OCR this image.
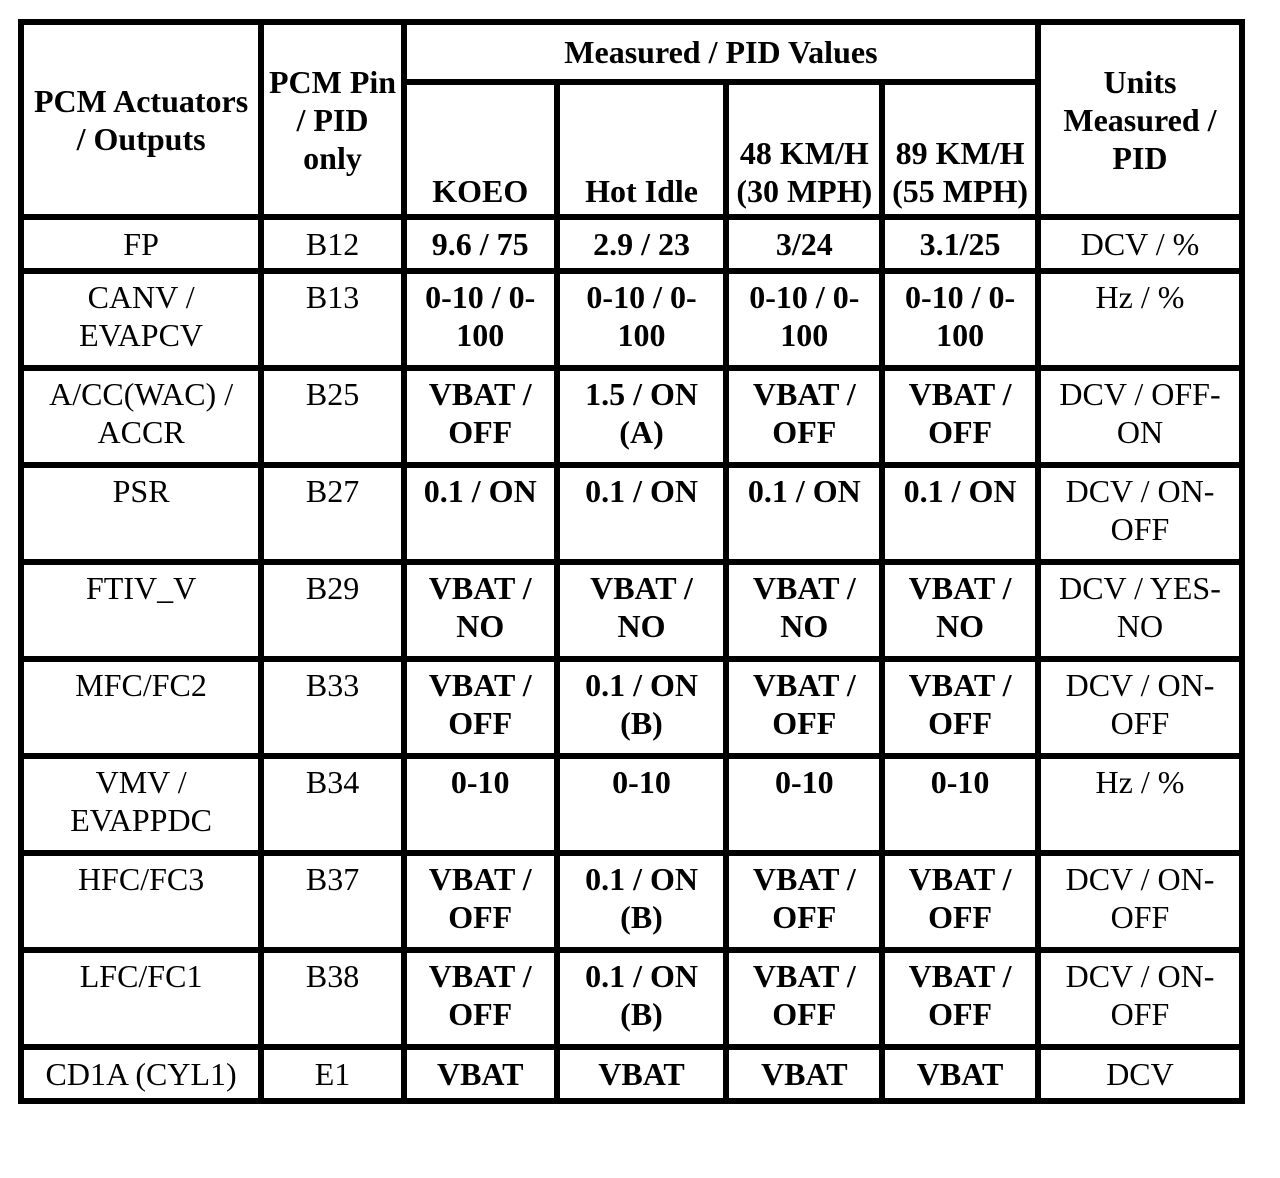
PCM Actuators / Outputs	PCM Pin / PID only	Measured / PID Values				Units Measured / PID
		KOEO	Hot Idle	48 KM/H (30 MPH)	89 KM/H (55 MPH)	
FP	B12	9.6 / 75	2.9 / 23	3/24	3.1/25	DCV / %
CANV / EVAPCV	B13	0-10 / 0-100	0-10 / 0-100	0-10 / 0-100	0-10 / 0-100	Hz / %
A/CC(WAC) / ACCR	B25	VBAT / OFF	1.5 / ON (A)	VBAT / OFF	VBAT / OFF	DCV / OFF-ON
PSR	B27	0.1 / ON	0.1 / ON	0.1 / ON	0.1 / ON	DCV / ON-OFF
FTIV_V	B29	VBAT / NO	VBAT / NO	VBAT / NO	VBAT / NO	DCV / YES-NO
MFC/FC2	B33	VBAT / OFF	0.1 / ON (B)	VBAT / OFF	VBAT / OFF	DCV / ON-OFF
VMV / EVAPPDC	B34	0-10	0-10	0-10	0-10	Hz / %
HFC/FC3	B37	VBAT / OFF	0.1 / ON (B)	VBAT / OFF	VBAT / OFF	DCV / ON-OFF
LFC/FC1	B38	VBAT / OFF	0.1 / ON (B)	VBAT / OFF	VBAT / OFF	DCV / ON-OFF
CD1A (CYL1)	E1	VBAT	VBAT	VBAT	VBAT	DCV
